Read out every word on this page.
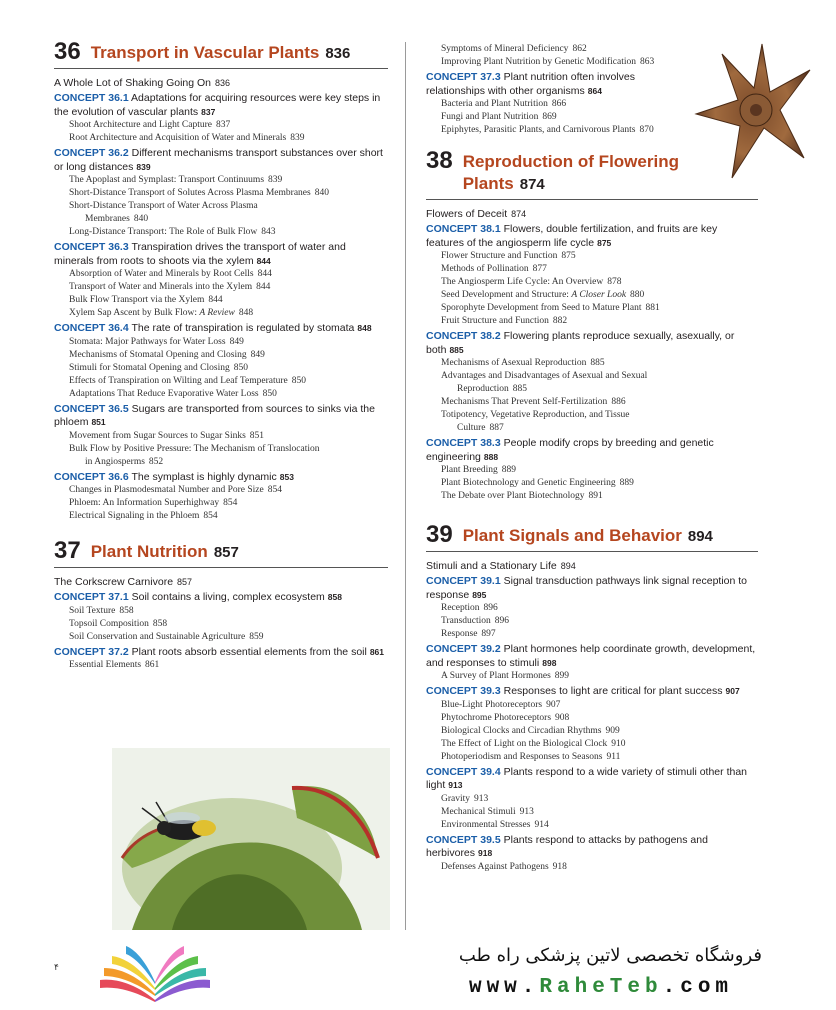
36 Transport in Vascular Plants 836
A Whole Lot of Shaking Going On 836
CONCEPT 36.1 Adaptations for acquiring resources were key steps in the evolution of vascular plants 837
Shoot Architecture and Light Capture 837
Root Architecture and Acquisition of Water and Minerals 839
CONCEPT 36.2 Different mechanisms transport substances over short or long distances 839
The Apoplast and Symplast: Transport Continuums 839
Short-Distance Transport of Solutes Across Plasma Membranes 840
Short-Distance Transport of Water Across Plasma
Membranes 840
Long-Distance Transport: The Role of Bulk Flow 843
CONCEPT 36.3 Transpiration drives the transport of water and minerals from roots to shoots via the xylem 844
Absorption of Water and Minerals by Root Cells 844
Transport of Water and Minerals into the Xylem 844
Bulk Flow Transport via the Xylem 844
Xylem Sap Ascent by Bulk Flow: A Review 848
CONCEPT 36.4 The rate of transpiration is regulated by stomata 848
Stomata: Major Pathways for Water Loss 849
Mechanisms of Stomatal Opening and Closing 849
Stimuli for Stomatal Opening and Closing 850
Effects of Transpiration on Wilting and Leaf Temperature 850
Adaptations That Reduce Evaporative Water Loss 850
CONCEPT 36.5 Sugars are transported from sources to sinks via the phloem 851
Movement from Sugar Sources to Sugar Sinks 851
Bulk Flow by Positive Pressure: The Mechanism of Translocation
in Angiosperms 852
CONCEPT 36.6 The symplast is highly dynamic 853
Changes in Plasmodesmatal Number and Pore Size 854
Phloem: An Information Superhighway 854
Electrical Signaling in the Phloem 854
37 Plant Nutrition 857
The Corkscrew Carnivore 857
CONCEPT 37.1 Soil contains a living, complex ecosystem 858
Soil Texture 858
Topsoil Composition 858
Soil Conservation and Sustainable Agriculture 859
CONCEPT 37.2 Plant roots absorb essential elements from the soil 861
Essential Elements 861
Symptoms of Mineral Deficiency 862
Improving Plant Nutrition by Genetic Modification 863
CONCEPT 37.3 Plant nutrition often involves relationships with other organisms 864
Bacteria and Plant Nutrition 866
Fungi and Plant Nutrition 869
Epiphytes, Parasitic Plants, and Carnivorous Plants 870
38 Reproduction of Flowering
Plants 874
Flowers of Deceit 874
CONCEPT 38.1 Flowers, double fertilization, and fruits are key features of the angiosperm life cycle 875
Flower Structure and Function 875
Methods of Pollination 877
The Angiosperm Life Cycle: An Overview 878
Seed Development and Structure: A Closer Look 880
Sporophyte Development from Seed to Mature Plant 881
Fruit Structure and Function 882
CONCEPT 38.2 Flowering plants reproduce sexually, asexually, or both 885
Mechanisms of Asexual Reproduction 885
Advantages and Disadvantages of Asexual and Sexual
Reproduction 885
Mechanisms That Prevent Self-Fertilization 886
Totipotency, Vegetative Reproduction, and Tissue
Culture 887
CONCEPT 38.3 People modify crops by breeding and genetic engineering 888
Plant Breeding 889
Plant Biotechnology and Genetic Engineering 889
The Debate over Plant Biotechnology 891
39 Plant Signals and Behavior 894
Stimuli and a Stationary Life 894
CONCEPT 39.1 Signal transduction pathways link signal reception to response 895
Reception 896
Transduction 896
Response 897
CONCEPT 39.2 Plant hormones help coordinate growth, development, and responses to stimuli 898
A Survey of Plant Hormones 899
CONCEPT 39.3 Responses to light are critical for plant success 907
Blue-Light Photoreceptors 907
Phytochrome Photoreceptors 908
Biological Clocks and Circadian Rhythms 909
The Effect of Light on the Biological Clock 910
Photoperiodism and Responses to Seasons 911
CONCEPT 39.4 Plants respond to a wide variety of stimuli other than light 913
Gravity 913
Mechanical Stimuli 913
Environmental Stresses 914
CONCEPT 39.5 Plants respond to attacks by pathogens and herbivores 918
Defenses Against Pathogens 918
۴
فروشگاه تخصصی لاتین پزشکی راه طب
www.RaheTeb.com
